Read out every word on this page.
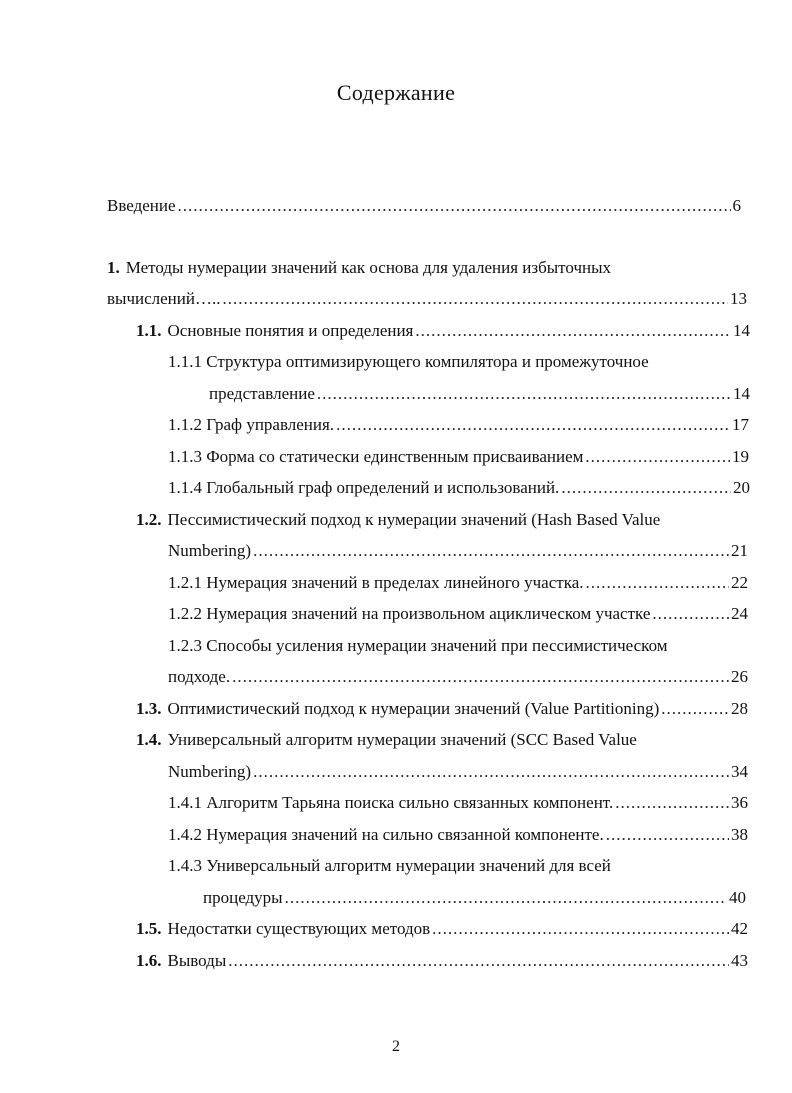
Содержание
Введение .....	6
1. Методы нумерации значений как основа для удаления избыточных
вычислений….. .....	13
1.1. Основные понятия и определения .....	14
1.1.1 Структура оптимизирующего компилятора и промежуточное
представление .....	14
1.1.2 Граф управления. .....	17
1.1.3 Форма со статически единственным присваиванием .....	19
1.1.4 Глобальный граф определений и использований. .....	20
1.2. Пессимистический подход к нумерации значений (Hash Based Value
Numbering) .....	21
1.2.1 Нумерация значений в пределах линейного участка. .....	22
1.2.2 Нумерация значений на произвольном ациклическом участке .....	24
1.2.3 Способы усиления нумерации значений при пессимистическом
подходе. .....	26
1.3. Оптимистический подход к нумерации значений (Value Partitioning) .....	28
1.4. Универсальный алгоритм нумерации значений (SCC Based Value
Numbering) .....	34
1.4.1 Алгоритм Тарьяна поиска сильно связанных компонент. .....	36
1.4.2 Нумерация значений на сильно связанной компоненте. .....	38
1.4.3 Универсальный алгоритм нумерации значений для всей
процедуры .....	40
1.5. Недостатки существующих методов .....	42
1.6. Выводы .....	43
2
